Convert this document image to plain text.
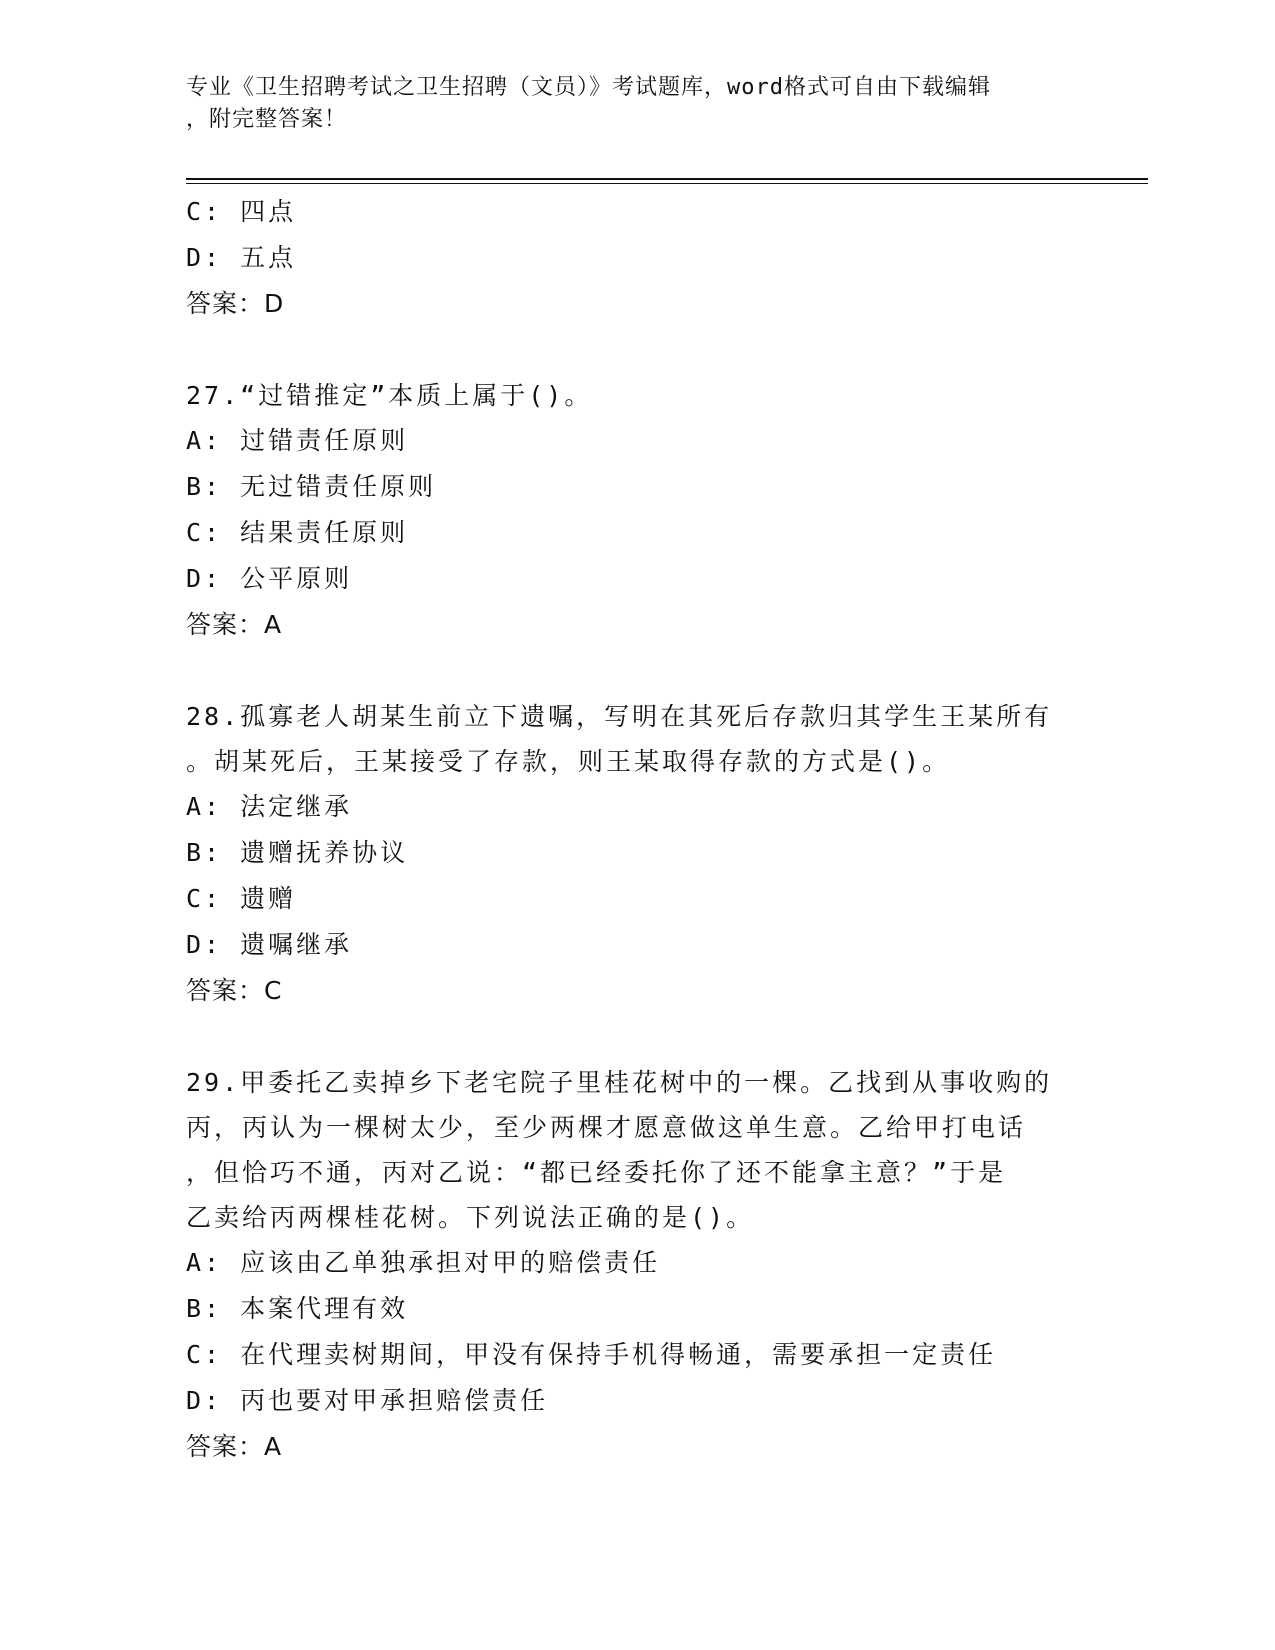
专业《卫生招聘考试之卫生招聘（文员）》考试题库，word格式可自由下载编辑
，附完整答案！
C: 四点
D: 五点
答案：D
27.“过错推定”本质上属于()。
A: 过错责任原则
B: 无过错责任原则
C: 结果责任原则
D: 公平原则
答案：A
28.孤寡老人胡某生前立下遗嘱，写明在其死后存款归其学生王某所有
。胡某死后，王某接受了存款，则王某取得存款的方式是()。
A: 法定继承
B: 遗赠抚养协议
C: 遗赠
D: 遗嘱继承
答案：C
29.甲委托乙卖掉乡下老宅院子里桂花树中的一棵。乙找到从事收购的
丙，丙认为一棵树太少，至少两棵才愿意做这单生意。乙给甲打电话
，但恰巧不通，丙对乙说：“都已经委托你了还不能拿主意？”于是
乙卖给丙两棵桂花树。下列说法正确的是()。
A: 应该由乙单独承担对甲的赔偿责任
B: 本案代理有效
C: 在代理卖树期间，甲没有保持手机得畅通，需要承担一定责任
D: 丙也要对甲承担赔偿责任
答案：A
